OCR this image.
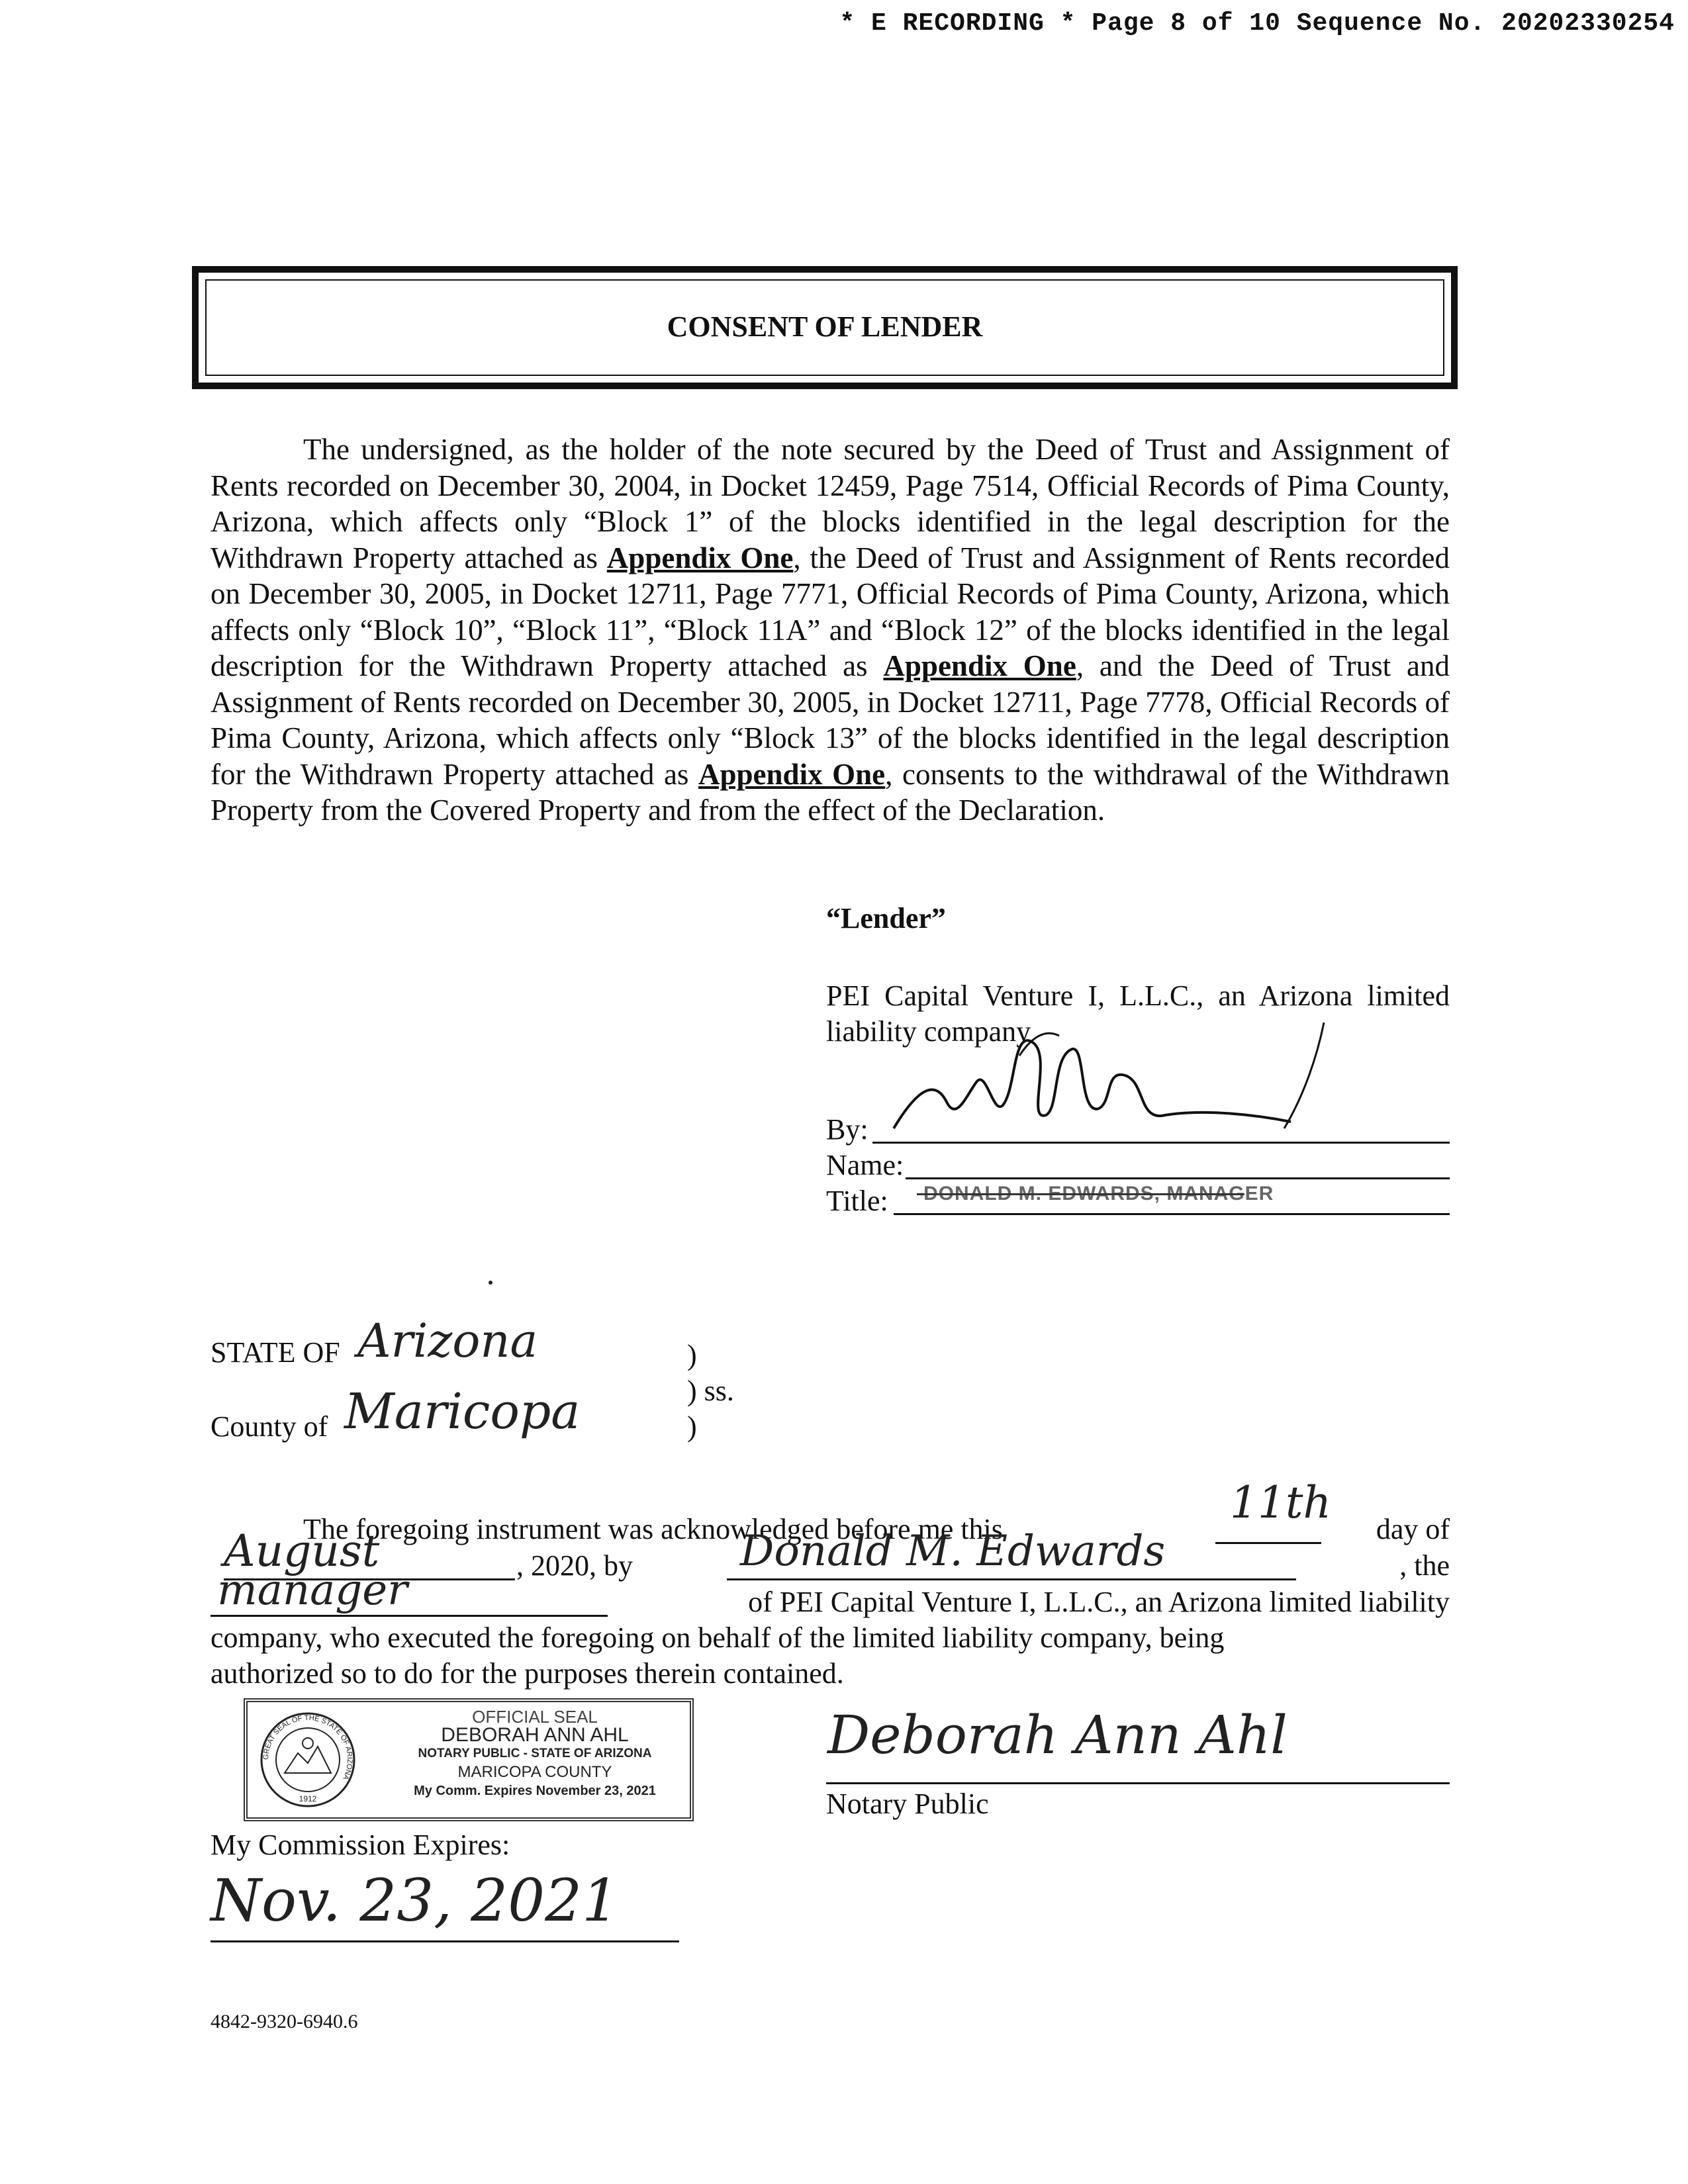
* E RECORDING * Page 8 of 10 Sequence No. 20202330254
CONSENT OF LENDER
The undersigned, as the holder of the note secured by the Deed of Trust and Assignment of Rents recorded on December 30, 2004, in Docket 12459, Page 7514, Official Records of Pima County, Arizona, which affects only “Block 1” of the blocks identified in the legal description for the Withdrawn Property attached as Appendix One, the Deed of Trust and Assignment of Rents recorded on December 30, 2005, in Docket 12711, Page 7771, Official Records of Pima County, Arizona, which affects only “Block 10”, “Block 11”, “Block 11A” and “Block 12” of the blocks identified in the legal description for the Withdrawn Property attached as Appendix One, and the Deed of Trust and Assignment of Rents recorded on December 30, 2005, in Docket 12711, Page 7778, Official Records of Pima County, Arizona, which affects only “Block 13” of the blocks identified in the legal description for the Withdrawn Property attached as Appendix One, consents to the withdrawal of the Withdrawn Property from the Covered Property and from the effect of the Declaration.
“Lender”
PEI Capital Venture I, L.L.C., an Arizona limited liability company
By:
Name:
DONALD M. EDWARDS, MANAGER
Title:
STATE OF Arizona
County of Maricopa
)
) ss.
)
The foregoing instrument was acknowledged before me this
11th
day of
August	, 2020, by	Donald M. Edwards	, the
manager	of PEI Capital Venture I, L.L.C., an Arizona limited liability
company, who executed the foregoing on behalf of the limited liability company, being
authorized so to do for the purposes therein contained.
GREAT SEAL OF THE STATE OF ARIZONA
1912
OFFICIAL SEAL
DEBORAH ANN AHL
NOTARY PUBLIC - STATE OF ARIZONA
MARICOPA COUNTY
My Comm. Expires November 23, 2021
Deborah Ann Ahl
Notary Public
My Commission Expires:
Nov. 23, 2021
4842-9320-6940.6
